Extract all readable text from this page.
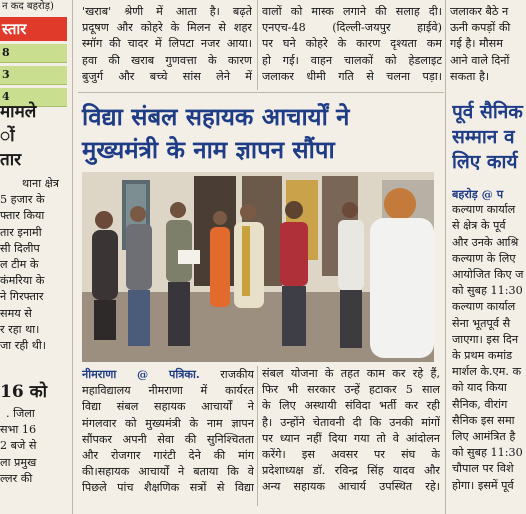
न कद बहरोड़)
स्तार
8
3
4
मामले
ों
तार
थाना क्षेत्र
5 हजार के
फ्तार किया
तार इनामी
सी दिलीप
ल टीम के
कंमरिया के
ने गिरफ्तार
समय से
र रहा था।
जा रही थी।
16 को
. जिला
सभा 16
2 बजे से
ला प्रमुख
ल्लर की
'खराब' श्रेणी में आता है। बढ़ते
प्रदूषण और कोहरे के मिलन से शहर
स्मॉग की चादर में लिपटा नजर आया।
हवा की खराब गुणवत्ता के कारण
बुजुर्ग और बच्चे सांस लेने में
वालों को मास्क लगाने की सलाह दी।
एनएच-48 (दिल्ली-जयपुर हाईवे)
पर घने कोहरे के कारण दृश्यता कम
हो गई। वाहन चालकों को हेडलाइट
जलाकर धीमी गति से चलना पड़ा।
जलाकर बैठे न
ऊनी कपड़ों की
गई है। मौसम
आने वाले दिनों
सकता है।
विद्या संबल सहायक आचार्यों ने
मुख्यमंत्री के नाम ज्ञापन सौंपा
नीमराणा @ पत्रिका. राजकीय
महाविद्यालय नीमराणा में कार्यरत
विद्या संबल सहायक आचार्यों ने
मंगलवार को मुख्यमंत्री के नाम ज्ञापन
सौंपकर अपनी सेवा की सुनिश्चितता
और रोजगार गारंटी देने की मांग
की।सहायक आचार्यों ने बताया कि वे
पिछले पांच शैक्षणिक सत्रों से विद्या
संबल योजना के तहत काम कर रहे हैं,
फिर भी सरकार उन्हें हटाकर 5 साल
के लिए अस्थायी संविदा भर्ती कर रही
है। उन्होंने चेतावनी दी कि उनकी मांगों
पर ध्यान नहीं दिया गया तो वे आंदोलन
करेंगे। इस अवसर पर संघ के
प्रदेशाध्यक्ष डॉ. रविन्द्र सिंह यादव और
अन्य सहायक आचार्य उपस्थित रहे।
पूर्व सैनिक
सम्मान व
लिए कार्य
बहरोड़ @ प
कल्याण कार्याल
से क्षेत्र के पूर्व
और उनके आश्रि
कल्याण के लिए
आयोजित किए ज
को सुबह 11:30
कल्याण कार्याल
सेना भूतपूर्व सै
जाएगा। इस दिन
के प्रथम कमांड
मार्शल के.एम. क
को याद किया
सैनिक, वीरांग
सैनिक इस समा
लिए आमंत्रित है
को सुबह 11:30
चौपाल पर विशे
होगा। इसमें पूर्व
